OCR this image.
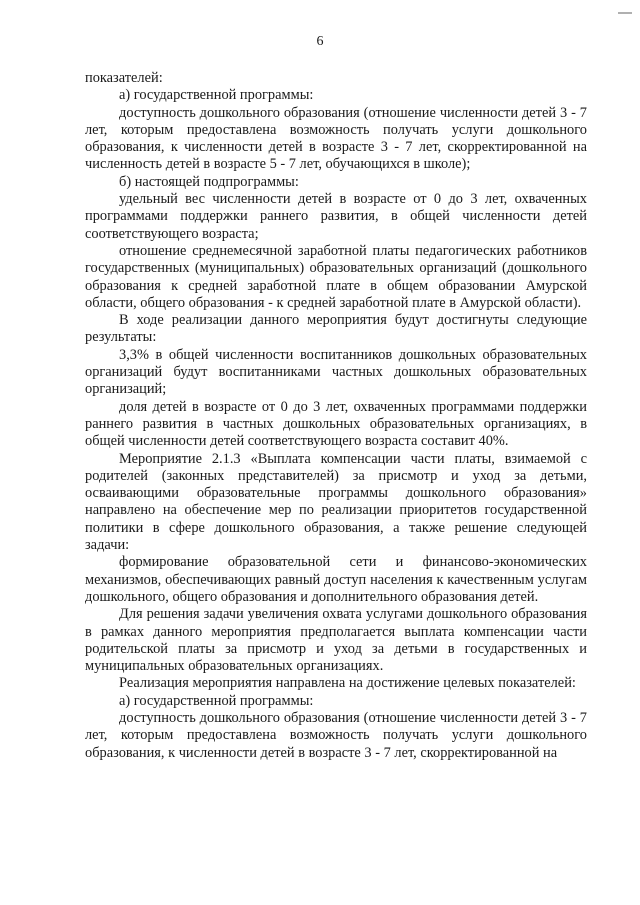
6

показателей:

а) государственной программы:

доступность дошкольного образования (отношение численности детей 3 - 7 лет, которым предоставлена возможность получать услуги дошкольного образования, к численности детей в возрасте 3 - 7 лет, скорректированной на численность детей в возрасте 5 - 7 лет, обучающихся в школе);

б) настоящей подпрограммы:

удельный вес численности детей в возрасте от 0 до 3 лет, охваченных программами поддержки раннего развития, в общей численности детей соответствующего возраста;

отношение среднемесячной заработной платы педагогических работников государственных (муниципальных) образовательных организаций (дошкольного образования к средней заработной плате в общем образовании Амурской области, общего образования - к средней заработной плате в Амурской области).

В ходе реализации данного мероприятия будут достигнуты следующие результаты:

3,3% в общей численности воспитанников дошкольных образовательных организаций будут воспитанниками частных дошкольных образовательных организаций;

доля детей в возрасте от 0 до 3 лет, охваченных программами поддержки раннего развития в частных дошкольных образовательных организациях, в общей численности детей соответствующего возраста составит 40%.

Мероприятие 2.1.3 «Выплата компенсации части платы, взимаемой с родителей (законных представителей) за присмотр и уход за детьми, осваивающими образовательные программы дошкольного образования» направлено на обеспечение мер по реализации приоритетов государственной политики в сфере дошкольного образования, а также решение следующей задачи:

формирование образовательной сети и финансово-экономических механизмов, обеспечивающих равный доступ населения к качественным услугам дошкольного, общего образования и дополнительного образования детей.

Для решения задачи увеличения охвата услугами дошкольного образования в рамках данного мероприятия предполагается выплата компенсации части родительской платы за присмотр и уход за детьми в государственных и муниципальных образовательных организациях.

Реализация мероприятия направлена на достижение целевых показателей:

а) государственной программы:

доступность дошкольного образования (отношение численности детей 3 - 7 лет, которым предоставлена возможность получать услуги дошкольного образования, к численности детей в возрасте 3 - 7 лет, скорректированной на
